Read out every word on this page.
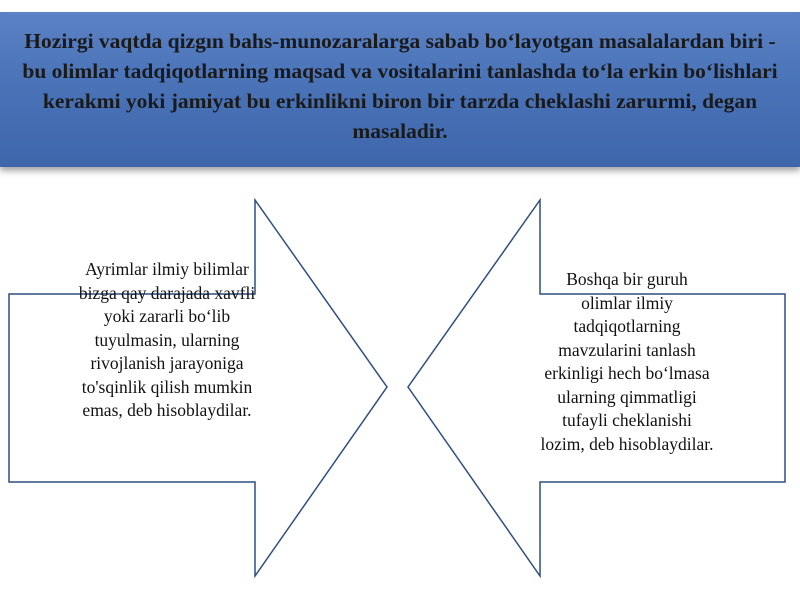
Hozirgi vaqtda qizgın bahs-munozaralarga sabab bo‘layotgan masalalardan biri - bu olimlar tadqiqotlarning maqsad va vositalarini tanlashda to‘la erkin bo‘lishlari kerakmi yoki jamiyat bu erkinlikni biron bir tarzda cheklashi zarurmi, degan masaladir.

Ayrimlar ilmiy bilimlar bizga qay darajada xavfli yoki zararli bo‘lib tuyulmasin, ularning rivojlanish jarayoniga to'sqinlik qilish mumkin emas, deb hisoblaydilar.

Boshqa bir guruh olimlar ilmiy tadqiqotlarning mavzularini tanlash erkinligi hech bo‘lmasa ularning qimmatligi tufayli cheklanishi lozim, deb hisoblaydilar.
